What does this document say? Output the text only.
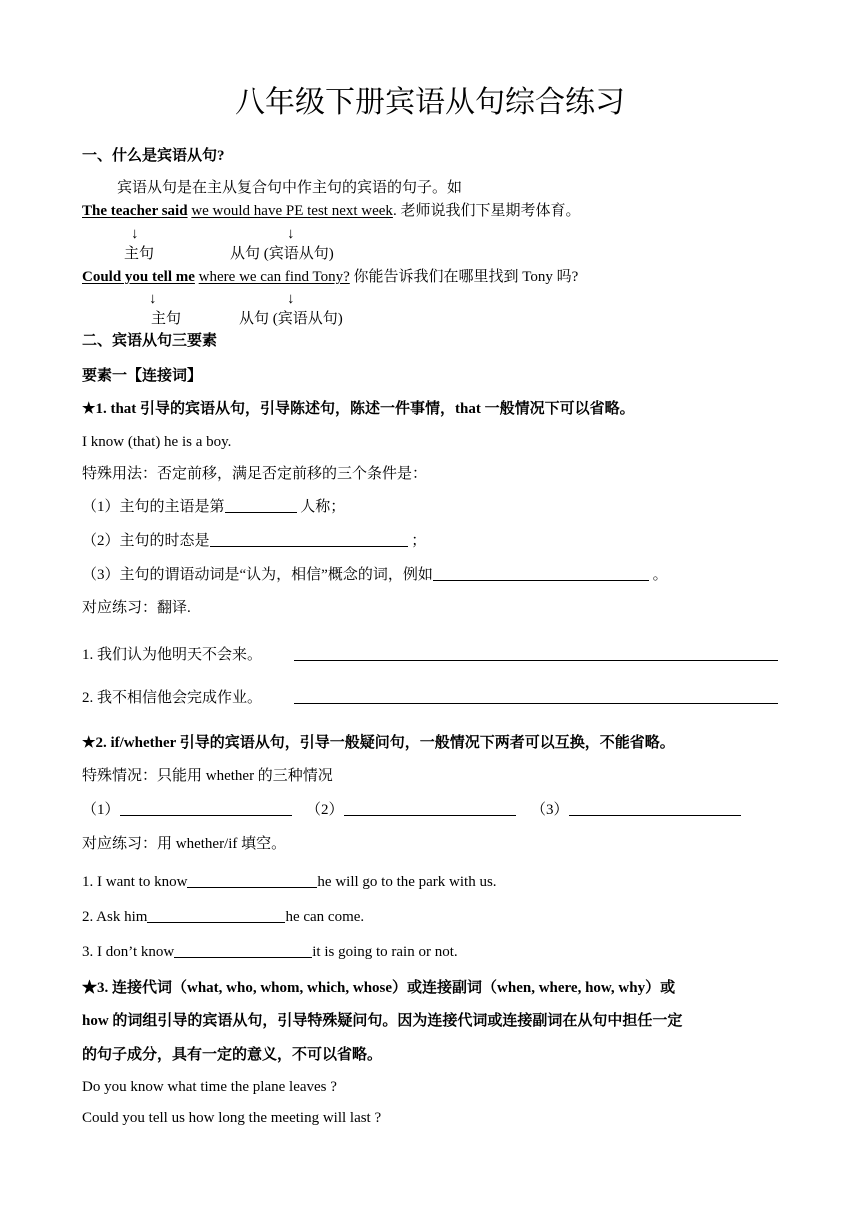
八年级下册宾语从句综合练习
一、什么是宾语从句?
宾语从句是在主从复合句中作主句的宾语的句子。如
The teacher said we would have PE test next week. 老师说我们下星期考体育。
↓	↓
主句	从句 (宾语从句)
Could you tell me where we can find Tony? 你能告诉我们在哪里找到 Tony 吗?
↓	↓
主句	从句 (宾语从句)
二、宾语从句三要素
要素一【连接词】
★1. that 引导的宾语从句，引导陈述句，陈述一件事情，that 一般情况下可以省略。
I know (that) he is a boy.
特殊用法：否定前移，满足否定前移的三个条件是：
（1）主句的主语是第	人称；
（2）主句的时态是	；
（3）主句的谓语动词是“认为，相信”概念的词，例如	。
对应练习：翻译.
1. 我们认为他明天不会来。
2. 我不相信他会完成作业。
★2. if/whether 引导的宾语从句，引导一般疑问句，一般情况下两者可以互换，不能省略。
特殊情况：只能用 whether 的三种情况
（1）	（2）	（3）
对应练习：用 whether/if 填空。
1. I want to know	he will go to the park with us.
2. Ask him	he can come.
3. I don’t know	it is going to rain or not.
★3. 连接代词（what, who, whom, which, whose）或连接副词（when, where, how, why）或
how 的词组引导的宾语从句，引导特殊疑问句。因为连接代词或连接副词在从句中担任一定
的句子成分，具有一定的意义，不可以省略。
Do you know what time the plane leaves ?
Could you tell us how long the meeting will last ?
